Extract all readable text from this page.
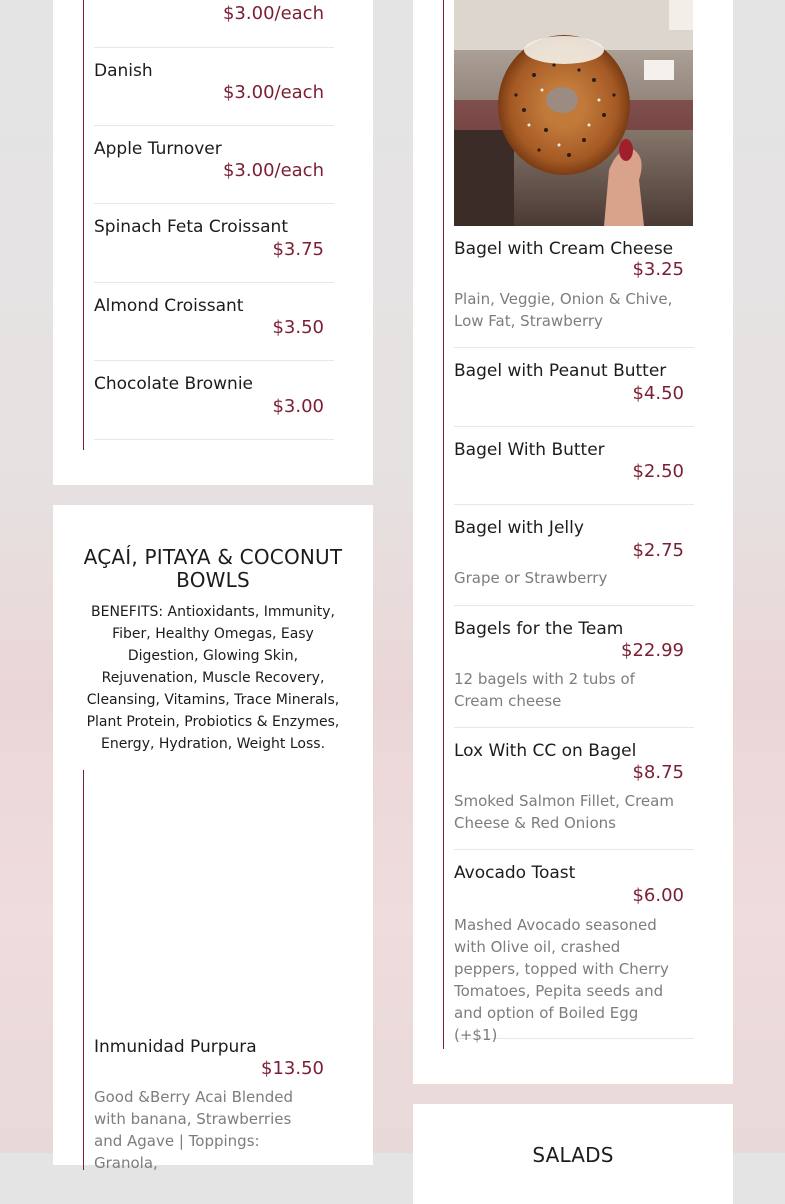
$3.00/each
Danish
$3.00/each
Apple Turnover
$3.00/each
Spinach Feta Croissant
$3.75
Almond Croissant
$3.50
Chocolate Brownie
$3.00
AÇAÍ, PITAYA & COCONUT BOWLS
BENEFITS: Antioxidants, Immunity, Fiber, Healthy Omegas, Easy Digestion, Glowing Skin, Rejuvenation, Muscle Recovery, Cleansing, Vitamins, Trace Minerals, Plant Protein, Probiotics & Enzymes, Energy, Hydration, Weight Loss.
Inmunidad Purpura
$13.50
Good &Berry Acai Blended with banana, Strawberries and Agave | Toppings: Granola,
Bagel with Cream Cheese
$3.25
Plain, Veggie, Onion & Chive, Low Fat, Strawberry
Bagel with Peanut Butter
$4.50
Bagel With Butter
$2.50
Bagel with Jelly
$2.75
Grape or Strawberry
Bagels for the Team
$22.99
12 bagels with 2 tubs of Cream cheese
Lox With CC on Bagel
$8.75
Smoked Salmon Fillet, Cream Cheese & Red Onions
Avocado Toast
$6.00
Mashed Avocado seasoned with Olive oil, crashed peppers, topped with Cherry Tomatoes, Pepita seeds and and option of Boiled Egg (+$1)
SALADS
